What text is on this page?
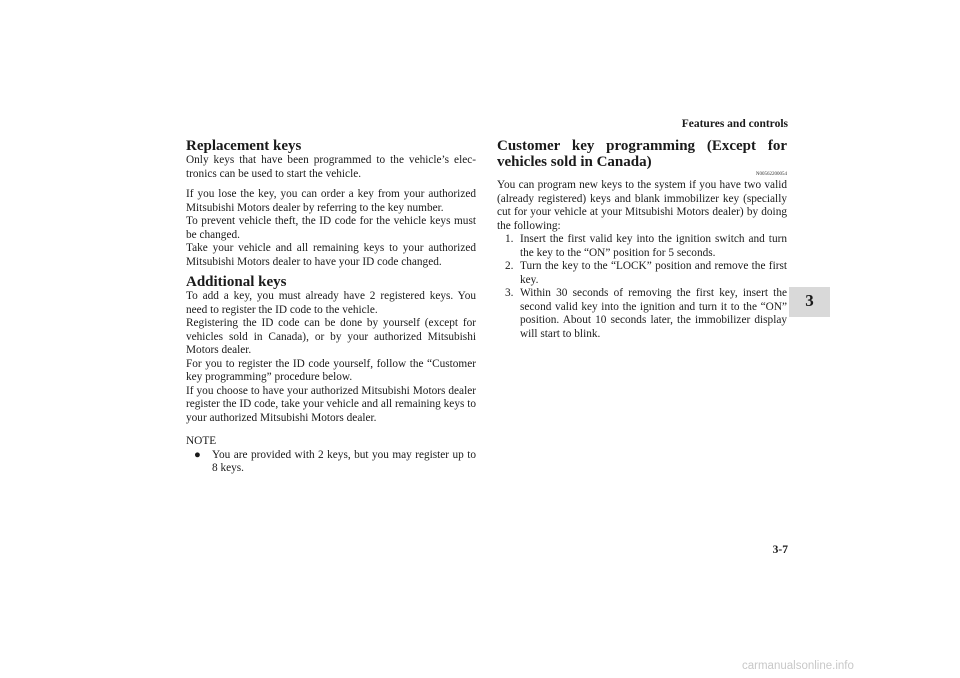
Features and controls
3
Replacement keys

Only keys that have been programmed to the vehicle’s elec- tronics can be used to start the vehicle.

If you lose the key, you can order a key from your authorized Mitsubishi Motors dealer by referring to the key number.

To prevent vehicle theft, the ID code for the vehicle keys must be changed.

Take your vehicle and all remaining keys to your authorized Mitsubishi Motors dealer to have your ID code changed.

Additional keys

To add a key, you must already have 2 registered keys. You need to register the ID code to the vehicle.

Registering the ID code can be done by yourself (except for vehicles sold in Canada), or by your authorized Mitsubishi Motors dealer.

For you to register the ID code yourself, follow the “Customer key programming” procedure below.

If you choose to have your authorized Mitsubishi Motors dealer register the ID code, take your vehicle and all remaining keys to your authorized Mitsubishi Motors dealer.

NOTE

● You are provided with 2 keys, but you may register up to 8 keys.
Customer key programming (Except for vehicles sold in Canada)
N00562200054

You can program new keys to the system if you have two valid (already registered) keys and blank immobilizer key (specially cut for your vehicle at your Mitsubishi Motors dealer) by doing the following:

1. Insert the first valid key into the ignition switch and turn the key to the “ON” position for 5 seconds.
2. Turn the key to the “LOCK” position and remove the first key.
3. Within 30 seconds of removing the first key, insert the second valid key into the ignition and turn it to the “ON” position. About 10 seconds later, the immobilizer display will start to blink.
3-7
carmanualsonline.info
